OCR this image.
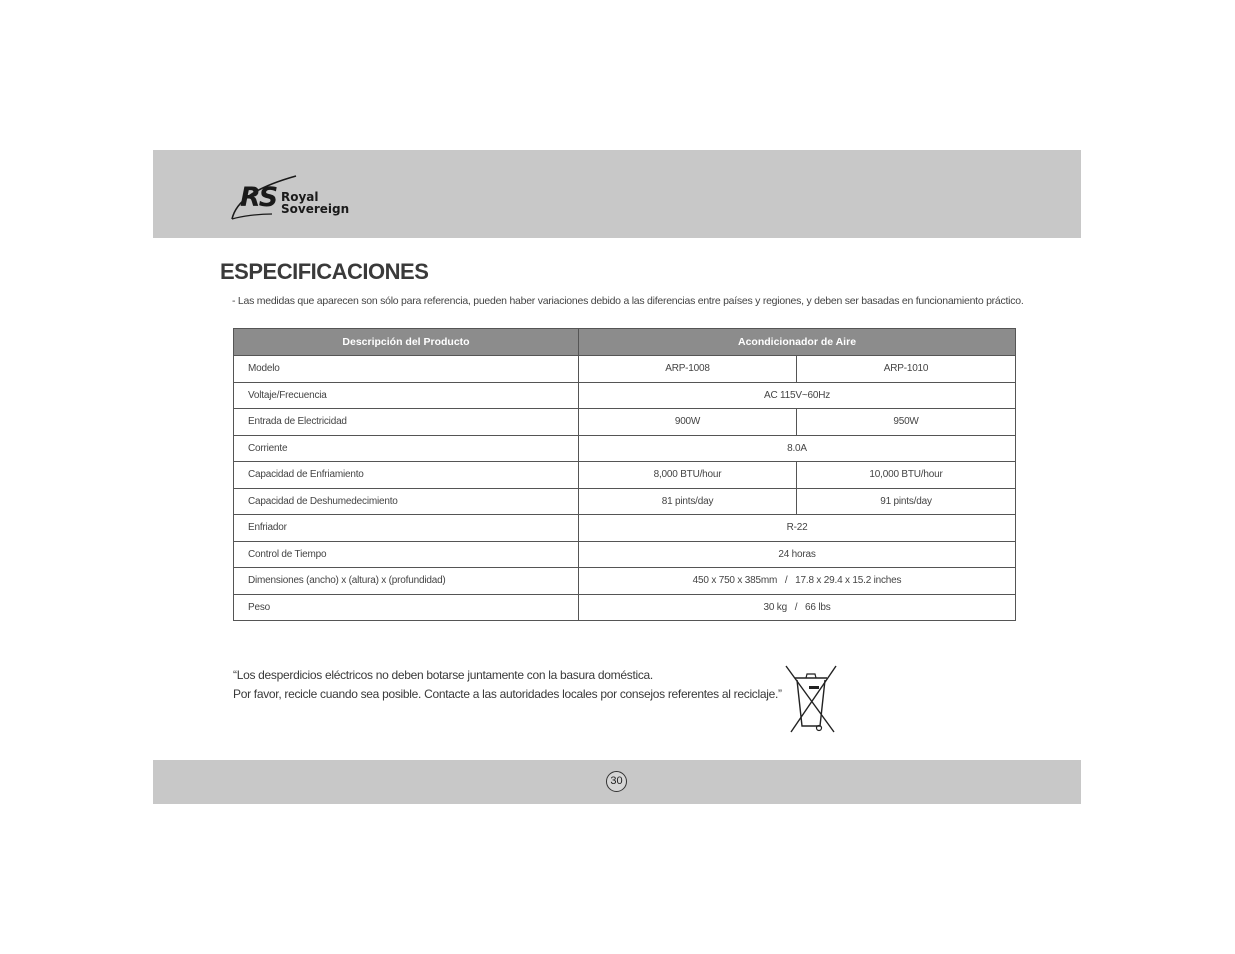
RS Royal
Sovereign
ESPECIFICACIONES
- Las medidas que aparecen son sólo para referencia, pueden haber variaciones debido a las diferencias entre países y regiones, y deben ser basadas en funcionamiento práctico.
Descripción del Producto	Acondicionador de Aire	
Modelo	ARP-1008	ARP-1010
Voltaje/Frecuencia	AC 115V~60Hz	
Entrada de Electricidad	900W	950W
Corriente	8.0A	
Capacidad de Enfriamiento	8,000 BTU/hour	10,000 BTU/hour
Capacidad de Deshumedecimiento	81 pints/day	91 pints/day
Enfriador	R-22	
Control de Tiempo	24 horas	
Dimensiones (ancho) x (altura) x (profundidad)	450 x 750 x 385mm   /   17.8 x 29.4 x 15.2 inches	
Peso	30 kg   /   66 lbs	
“Los desperdicios eléctricos no deben botarse juntamente con la basura doméstica.
Por favor, recicle cuando sea posible. Contacte a las autoridades locales por consejos referentes al reciclaje.”
30
